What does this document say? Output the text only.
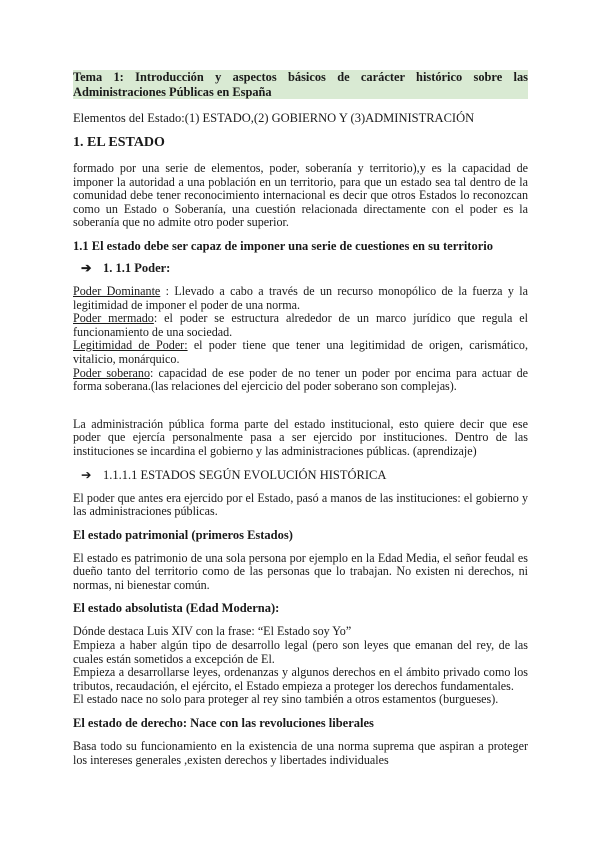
Tema 1: Introducción y aspectos básicos de carácter histórico sobre las Administraciones Públicas en España
Elementos del Estado:(1) ESTADO,(2) GOBIERNO Y (3)ADMINISTRACIÓN
1. EL ESTADO

formado por una serie de elementos, poder, soberanía y territorio),y es la capacidad de imponer la autoridad a una población en un territorio, para que un estado sea tal dentro de la comunidad debe tener reconocimiento internacional es decir que otros Estados lo reconozcan como un Estado o Soberanía, una cuestión relacionada directamente con el poder es la soberanía que no admite otro poder superior.

1.1 El estado debe ser capaz de imponer una serie de cuestiones en su territorio
➔ 1. 1.1 Poder:

Poder Dominante : Llevado a cabo a través de un recurso monopólico de la fuerza y la legitimidad de imponer el poder de una norma.

Poder mermado: el poder se estructura alrededor de un marco jurídico que regula el funcionamiento de una sociedad.

Legitimidad de Poder: el poder tiene que tener una legitimidad de origen, carismático, vitalicio, monárquico.

Poder soberano: capacidad de ese poder de no tener un poder por encima para actuar de forma soberana.(las relaciones del ejercicio del poder soberano son complejas).

La administración pública forma parte del estado institucional, esto quiere decir que ese poder que ejercía personalmente pasa a ser ejercido por instituciones. Dentro de las instituciones se incardina el gobierno y las administraciones públicas. (aprendizaje)

➔ 1.1.1.1 ESTADOS SEGÚN EVOLUCIÓN HISTÓRICA

El poder que antes era ejercido por el Estado, pasó a manos de las instituciones: el gobierno y las administraciones públicas.

El estado patrimonial (primeros Estados)

El estado es patrimonio de una sola persona por ejemplo en la Edad Media, el señor feudal es dueño tanto del territorio como de las personas que lo trabajan. No existen ni derechos, ni normas, ni bienestar común.

El estado absolutista (Edad Moderna):

Dónde destaca Luis XIV con la frase: “El Estado soy Yo”

Empieza a haber algún tipo de desarrollo legal (pero son leyes que emanan del rey, de las cuales están sometidos a excepción de El.

Empieza a desarrollarse leyes, ordenanzas y algunos derechos en el ámbito privado como los tributos, recaudación, el ejército, el Estado empieza a proteger los derechos fundamentales.

El estado nace no solo para proteger al rey sino también a otros estamentos (burgueses).

El estado de derecho: Nace con las revoluciones liberales

Basa todo su funcionamiento en la existencia de una norma suprema que aspiran a proteger los intereses generales ,existen derechos y libertades individuales
